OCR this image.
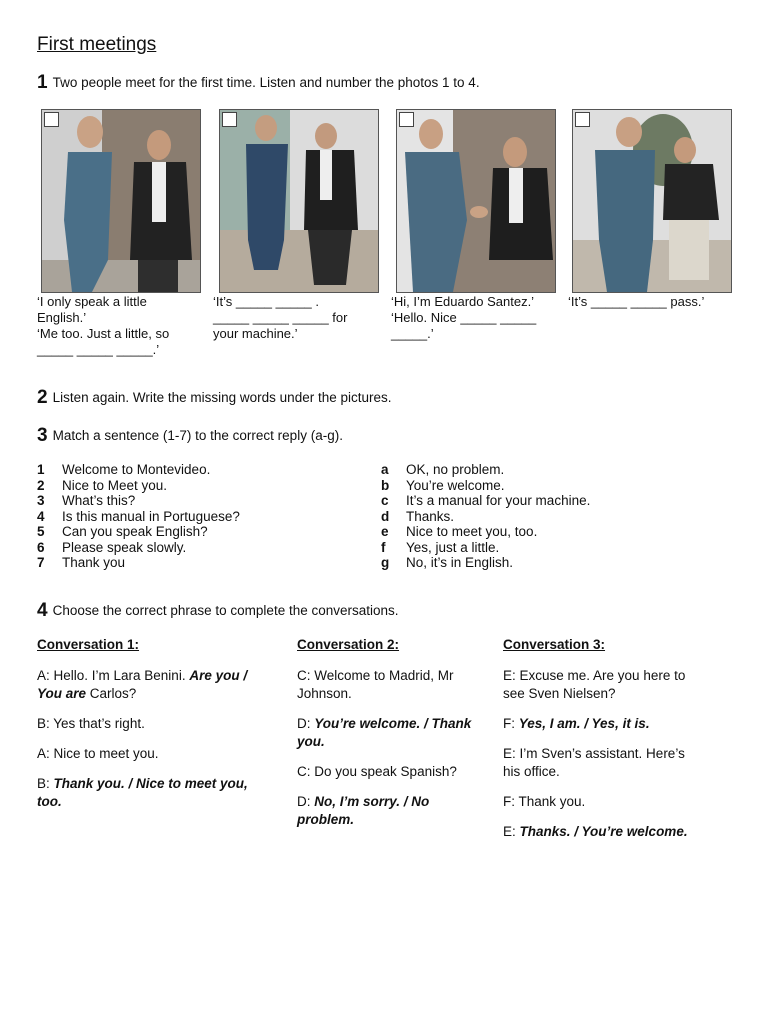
First meetings
1 Two people meet for the first time. Listen and number the photos 1 to 4.
‘I only speak a little
English.’
‘Me too. Just a little, so
_____ _____ _____.’
‘It’s _____ _____ .
_____ _____ _____ for
your machine.’
‘Hi, I’m Eduardo Santez.’
‘Hello. Nice _____ _____
_____.’
‘It’s _____ _____ pass.’
2 Listen again. Write the missing words under the pictures.
3 Match a sentence (1-7) to the correct reply (a-g).
1	Welcome to Montevideo.
2	Nice to Meet you.
3	What’s this?
4	Is this manual in Portuguese?
5	Can you speak English?
6	Please speak slowly.
7	Thank you
a	OK, no problem.
b	You’re welcome.
c	It’s a manual for your machine.
d	Thanks.
e	Nice to meet you, too.
f	Yes, just a little.
g	No, it’s in English.
4 Choose the correct phrase to complete the conversations.
Conversation 1:

A: Hello. I’m Lara Benini. Are you / You are Carlos?

B: Yes that’s right.

A: Nice to meet you.

B: Thank you. / Nice to meet you, too.

Conversation 2:

C: Welcome to Madrid, Mr Johnson.

D: You’re welcome. / Thank you.

C: Do you speak Spanish?

D: No, I’m sorry. / No problem.

Conversation 3:

E: Excuse me. Are you here to see Sven Nielsen?

F: Yes, I am. / Yes, it is.

E: I’m Sven’s assistant. Here’s his office.

F: Thank you.

E: Thanks. / You’re welcome.
